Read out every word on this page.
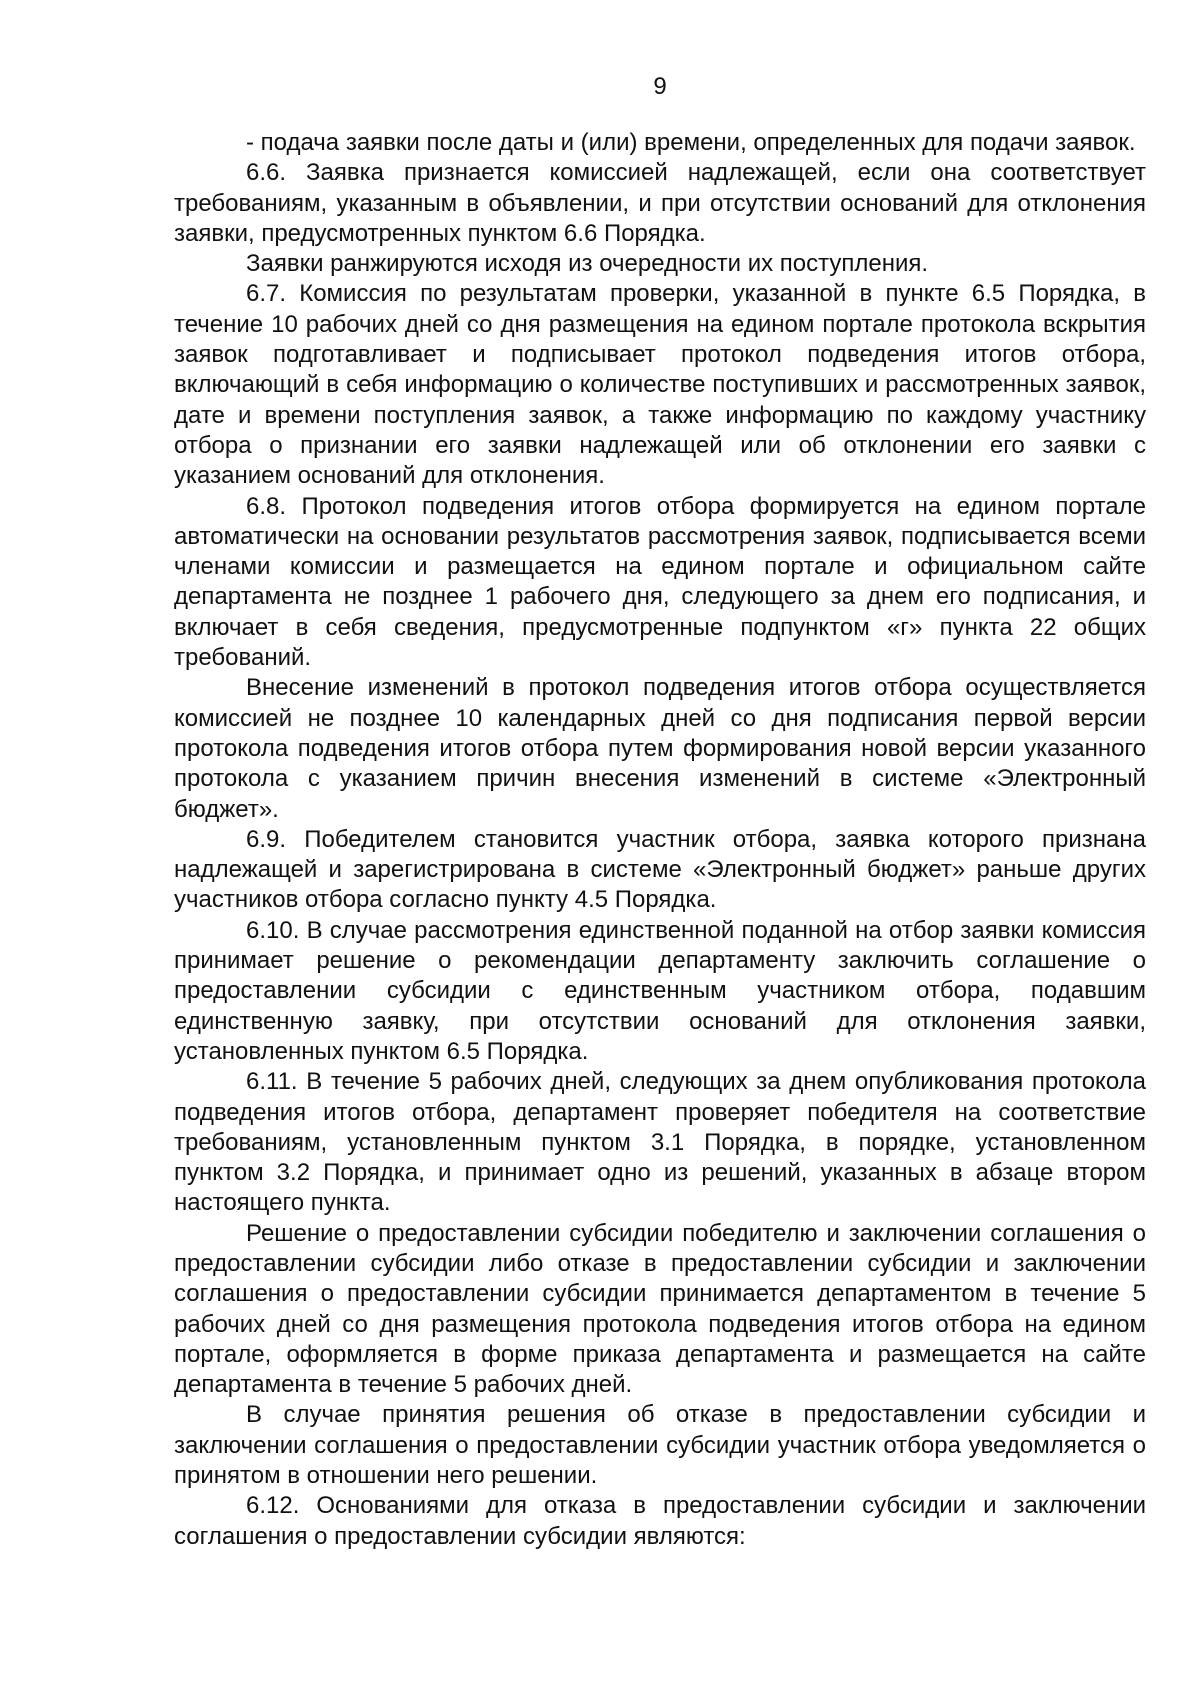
9

- подача заявки после даты и (или) времени, определенных для подачи заявок.

6.6. Заявка признается комиссией надлежащей, если она соответствует требованиям, указанным в объявлении, и при отсутствии оснований для отклонения заявки, предусмотренных пунктом 6.6 Порядка.

Заявки ранжируются исходя из очередности их поступления.

6.7. Комиссия по результатам проверки, указанной в пункте 6.5 Порядка, в течение 10 рабочих дней со дня размещения на едином портале протокола вскрытия заявок подготавливает и подписывает протокол подведения итогов отбора, включающий в себя информацию о количестве поступивших и рассмотренных заявок, дате и времени поступления заявок, а также информацию по каждому участнику отбора о признании его заявки надлежащей или об отклонении его заявки с указанием оснований для отклонения.

6.8. Протокол подведения итогов отбора формируется на едином портале автоматически на основании результатов рассмотрения заявок, подписывается всеми членами комиссии и размещается на едином портале и официальном сайте департамента не позднее 1 рабочего дня, следующего за днем его подписания, и включает в себя сведения, предусмотренные подпунктом «г» пункта 22 общих требований.

Внесение изменений в протокол подведения итогов отбора осуществляется комиссией не позднее 10 календарных дней со дня подписания первой версии протокола подведения итогов отбора путем формирования новой версии указанного протокола с указанием причин внесения изменений в системе «Электронный бюджет».

6.9. Победителем становится участник отбора, заявка которого признана надлежащей и зарегистрирована в системе «Электронный бюджет» раньше других участников отбора согласно пункту 4.5 Порядка.

6.10. В случае рассмотрения единственной поданной на отбор заявки комиссия принимает решение о рекомендации департаменту заключить соглашение о предоставлении субсидии с единственным участником отбора, подавшим единственную заявку, при отсутствии оснований для отклонения заявки, установленных пунктом 6.5 Порядка.

6.11. В течение 5 рабочих дней, следующих за днем опубликования протокола подведения итогов отбора, департамент проверяет победителя на соответствие требованиям, установленным пунктом 3.1 Порядка, в порядке, установленном пунктом 3.2 Порядка, и принимает одно из решений, указанных в абзаце втором настоящего пункта.

Решение о предоставлении субсидии победителю и заключении соглашения о предоставлении субсидии либо отказе в предоставлении субсидии и заключении соглашения о предоставлении субсидии принимается департаментом в течение 5 рабочих дней со дня размещения протокола подведения итогов отбора на едином портале, оформляется в форме приказа департамента и размещается на сайте департамента в течение 5 рабочих дней.

В случае принятия решения об отказе в предоставлении субсидии и заключении соглашения о предоставлении субсидии участник отбора уведомляется о принятом в отношении него решении.

6.12. Основаниями для отказа в предоставлении субсидии и заключении соглашения о предоставлении субсидии являются:
